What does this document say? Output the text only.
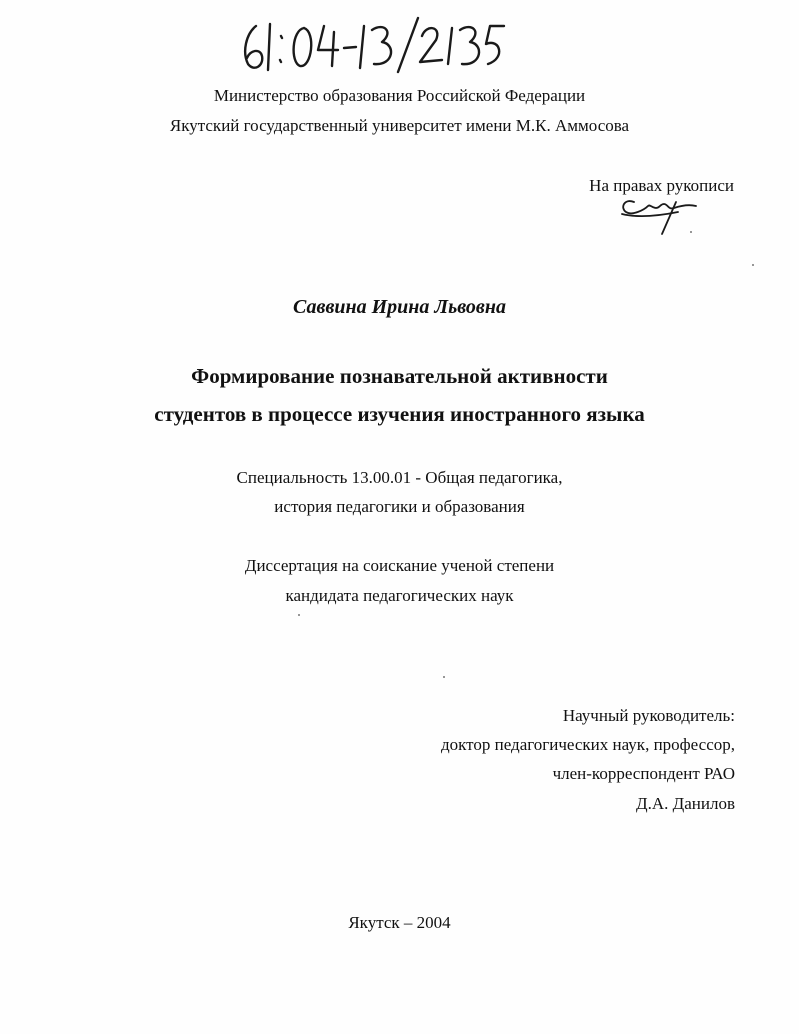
Министерство образования Российской Федерации
Якутский государственный университет имени М.К. Аммосова
На правах рукописи
Саввина Ирина Львовна
Формирование познавательной активности
студентов в процессе изучения иностранного языка
Специальность 13.00.01 - Общая педагогика,
история педагогики и образования
Диссертация на соискание ученой степени
кандидата педагогических наук
Научный руководитель:
доктор педагогических наук, профессор,
член-корреспондент РАО
Д.А. Данилов
Якутск – 2004
